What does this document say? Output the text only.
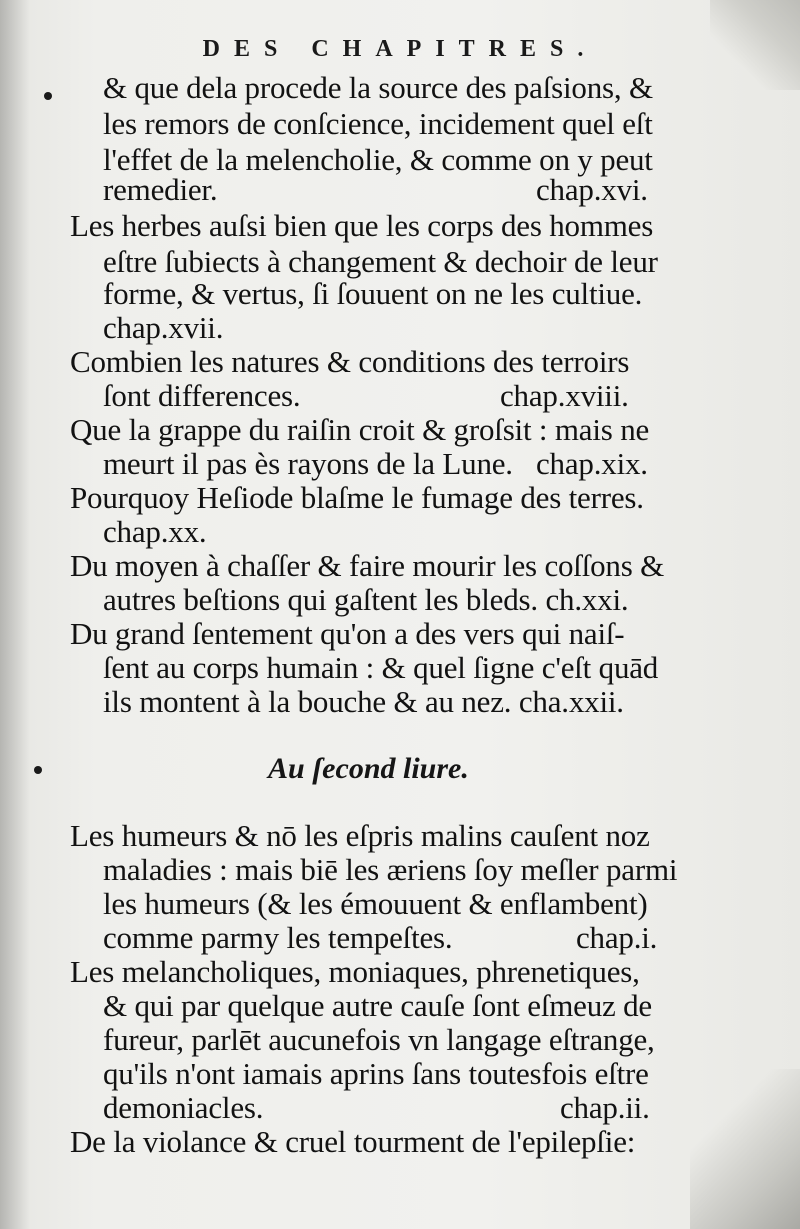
DES CHAPITRES.
& que dela procede la source des paſsions, &
les remors de conſcience, incidement quel eſt
l'effet de la melencholie, & comme on y peut
remedier.	chap.xvi.
Les herbes auſsi bien que les corps des hommes
eſtre ſubiects à changement & dechoir de leur
forme, & vertus, ſi ſouuent on ne les cultiue.
chap.xvii.
Combien les natures & conditions des terroirs
ſont differences.	chap.xviii.
Que la grappe du raiſin croit & groſsit : mais ne
meurt il pas ès rayons de la Lune. chap.xix.
Pourquoy Heſiode blaſme le fumage des terres.
chap.xx.
Du moyen à chaſſer & faire mourir les coſſons &
autres beſtions qui gaſtent les bleds. ch.xxi.
Du grand ſentement qu'on a des vers qui naiſ-
ſent au corps humain : & quel ſigne c'eſt quād
ils montent à la bouche & au nez. cha.xxii.
Au ſecond liure.
Les humeurs & nō les eſpris malins cauſent noz
maladies : mais biē les æriens ſoy meſler parmi
les humeurs (& les émouuent & enflambent)
comme parmy les tempeſtes.	chap.i.
Les melancholiques, moniaques, phrenetiques,
& qui par quelque autre cauſe ſont eſmeuz de
fureur, parlēt aucunefois vn langage eſtrange,
qu'ils n'ont iamais aprins ſans toutesfois eſtre
demoniacles.	chap.ii.
De la violance & cruel tourment de l'epilepſie:
